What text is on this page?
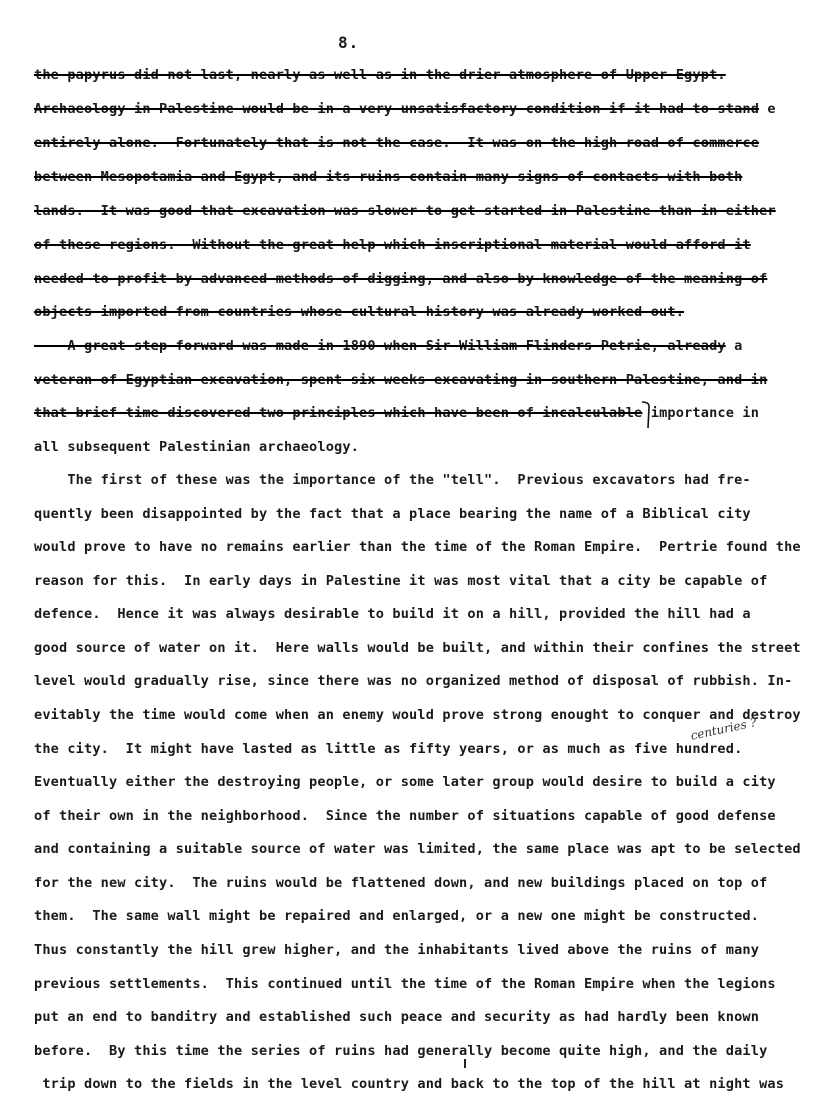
8.
the papyrus did not last, nearly as well as in the drier atmosphere of Upper Egypt.
Archaeology in Palestine would be in a very unsatisfactory condition if it had to stand e
entirely alone.  Fortunately that is not the case.  It was on the high road of commerce
between Mesopotamia and Egypt, and its ruins contain many signs of contacts with both
lands.  It was good that excavation was slower to get started in Palestine than in either
of these regions.  Without the great help which inscriptional material would afford it
needed to profit by advanced methods of digging, and also by knowledge of the meaning of
objects imported from countries whose cultural history was already worked out.
A great step forward was made in 1890 when Sir William Flinders Petrie, already a
veteran of Egyptian excavation, spent six weeks excavating in southern Palestine, and in
that brief time discovered two principles which have been of incalculable importance in
all subsequent Palestinian archaeology.
The first of these was the importance of the "tell".  Previous excavators had fre-
quently been disappointed by the fact that a place bearing the name of a Biblical city
would prove to have no remains earlier than the time of the Roman Empire.  Pertrie found the
reason for this.  In early days in Palestine it was most vital that a city be capable of
defence.  Hence it was always desirable to build it on a hill, provided the hill had a
good source of water on it.  Here walls would be built, and within their confines the street
level would gradually rise, since there was no organized method of disposal of rubbish. In-
evitably the time would come when an enemy would prove strong enought to conquer and destroy
the city.  It might have lasted as little as fifty years, or as much as five hundred.
Eventually either the destroying people, or some later group would desire to build a city
of their own in the neighborhood.  Since the number of situations capable of good defense
and containing a suitable source of water was limited, the same place was apt to be selected
for the new city.  The ruins would be flattened down, and new buildings placed on top of
them.  The same wall might be repaired and enlarged, or a new one might be constructed.
Thus constantly the hill grew higher, and the inhabitants lived above the ruins of many
previous settlements.  This continued until the time of the Roman Empire when the legions
put an end to banditry and established such peace and security as had hardly been known
before.  By this time the series of ruins had generally become quite high, and the daily
trip down to the fields in the level country and back to the top of the hill at night was
centuries ?
